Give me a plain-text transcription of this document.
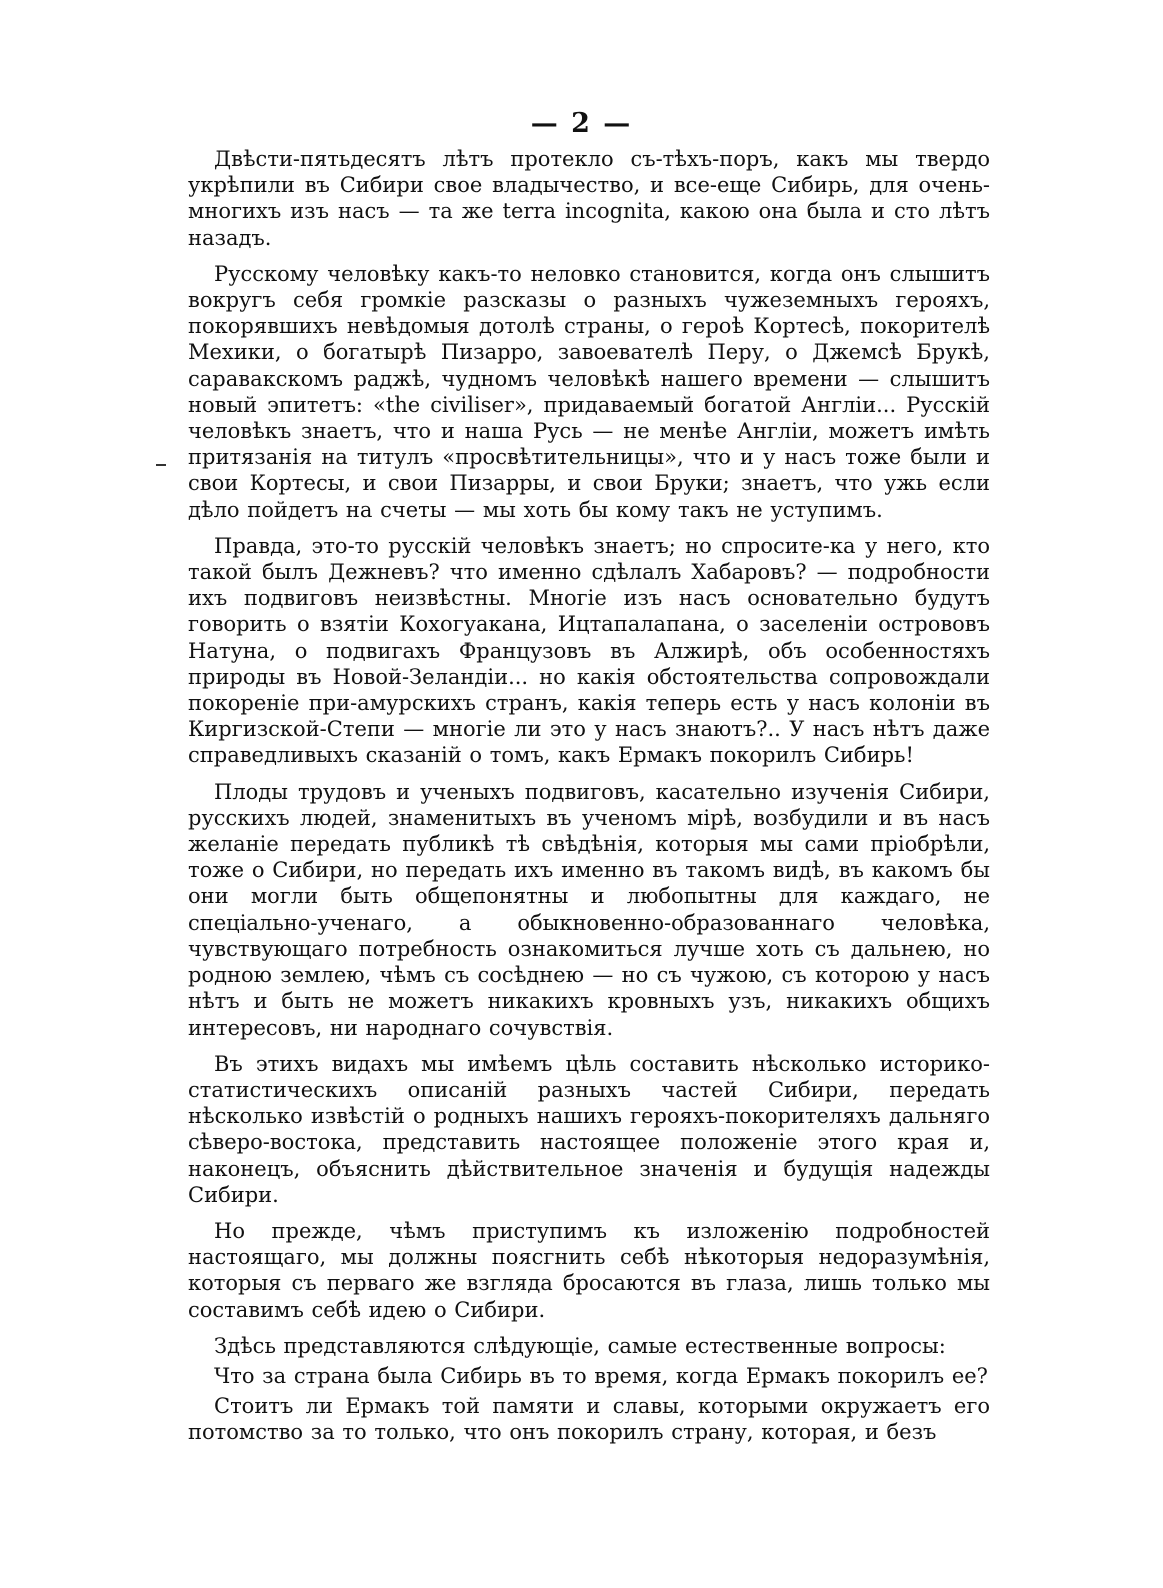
— 2 —

Двѣсти-пятьдесятъ лѣтъ протекло съ-тѣхъ-поръ, какъ мы твердо укрѣпили въ Сибири свое владычество, и все-еще Сибирь, для очень-многихъ изъ насъ — та же terra incognita, какою она была и сто лѣтъ назадъ.

Русскому человѣку какъ-то неловко становится, когда онъ слышитъ вокругъ себя громкіе разсказы о разныхъ чужеземныхъ герояхъ, покорявшихъ невѣдомыя дотолѣ страны, о героѣ Кортесѣ, покорителѣ Мехики, о богатырѣ Пизарро, завоевателѣ Перу, о Джемсѣ Брукѣ, саравакскомъ раджѣ, чудномъ человѣкѣ нашего времени — слышитъ новый эпитетъ: «the civiliser», придаваемый богатой Англіи... Русскій человѣкъ знаетъ, что и наша Русь — не менѣе Англіи, можетъ имѣть притязанія на титулъ «просвѣтительницы», что и у насъ тоже были и свои Кортесы, и свои Пизарры, и свои Бруки; знаетъ, что ужь если дѣло пойдетъ на счеты — мы хоть бы кому такъ не уступимъ.

Правда, это-то русскій человѣкъ знаетъ; но спросите-ка у него, кто такой былъ Дежневъ? что именно сдѣлалъ Хабаровъ? — подробности ихъ подвиговъ неизвѣстны. Многіе изъ насъ основательно будутъ говорить о взятіи Кохогуакана, Ицтапалапана, о заселеніи острововъ Натуна, о подвигахъ Французовъ въ Алжирѣ, объ особенностяхъ природы въ Новой-Зеландіи... но какія обстоятельства сопровождали покореніе при-амурскихъ странъ, какія теперь есть у насъ колоніи въ Киргизской-Степи — многіе ли это у насъ знаютъ?.. У насъ нѣтъ даже справедливыхъ сказаній о томъ, какъ Ермакъ покорилъ Сибирь!

Плоды трудовъ и ученыхъ подвиговъ, касательно изученія Сибири, русскихъ людей, знаменитыхъ въ ученомъ мірѣ, возбудили и въ насъ желаніе передать публикѣ тѣ свѣдѣнія, которыя мы сами пріобрѣли, тоже о Сибири, но передать ихъ именно въ такомъ видѣ, въ какомъ бы они могли быть общепонятны и любопытны для каждаго, не спеціально-ученаго, а обыкновенно-образованнаго человѣка, чувствующаго потребность ознакомиться лучше хоть съ дальнею, но родною землею, чѣмъ съ сосѣднею — но съ чужою, съ которою у насъ нѣтъ и быть не можетъ никакихъ кровныхъ узъ, никакихъ общихъ интересовъ, ни народнаго сочувствія.

Въ этихъ видахъ мы имѣемъ цѣль составить нѣсколько историко-статистическихъ описаній разныхъ частей Сибири, передать нѣсколько извѣстій о родныхъ нашихъ герояхъ-покорителяхъ дальняго сѣверо-востока, представить настоящее положеніе этого края и, наконецъ, объяснить дѣйствительное значенія и будущія надежды Сибири.

Но прежде, чѣмъ приступимъ къ изложенію подробностей настоящаго, мы должны поясгнить себѣ нѣкоторыя недоразумѣнія, которыя съ перваго же взгляда бросаются въ глаза, лишь только мы составимъ себѣ идею о Сибири.

Здѣсь представляются слѣдующіе, самые естественные вопросы:

Что за страна была Сибирь въ то время, когда Ермакъ покорилъ ее?

Стоитъ ли Ермакъ той памяти и славы, которыми окружаетъ его потомство за то только, что онъ покорилъ страну, которая, и безъ
